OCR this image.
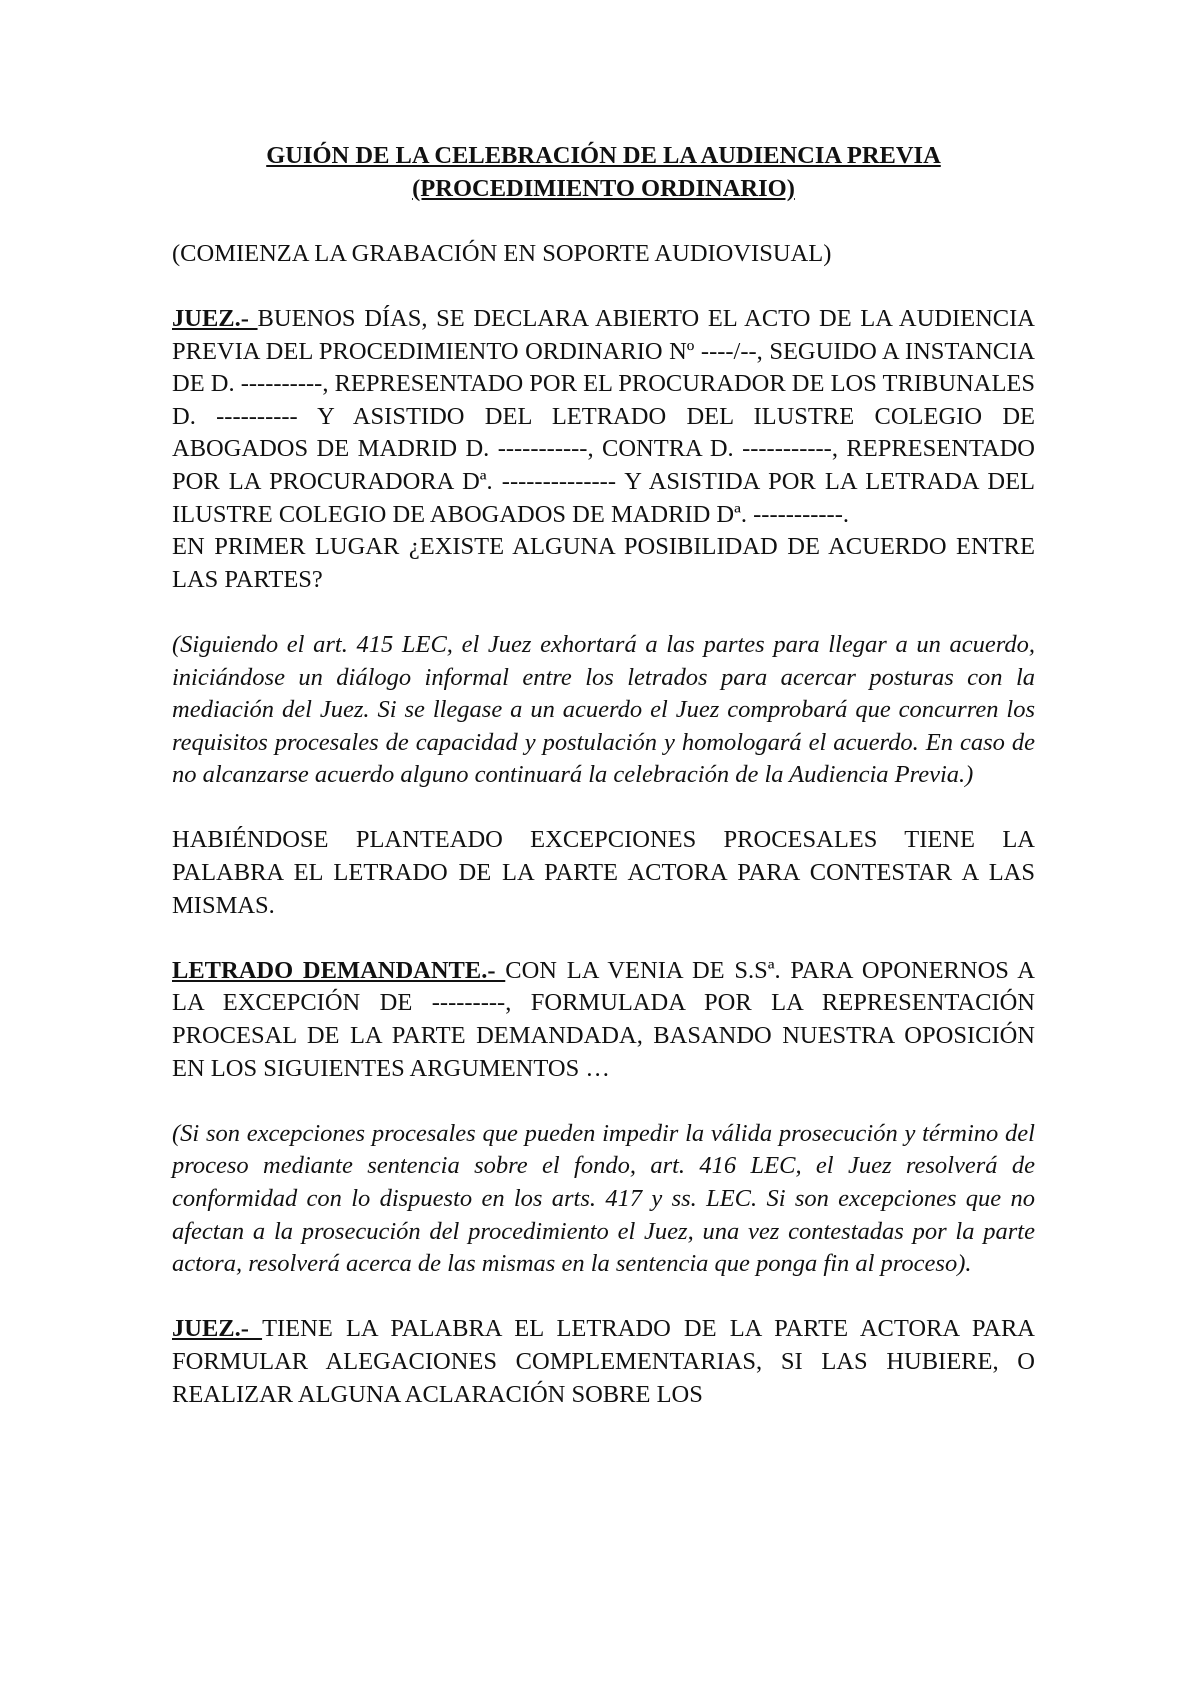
GUIÓN DE LA CELEBRACIÓN DE LA AUDIENCIA PREVIA

(PROCEDIMIENTO ORDINARIO)

(COMIENZA LA GRABACIÓN EN SOPORTE AUDIOVISUAL)

JUEZ.- BUENOS DÍAS, SE DECLARA ABIERTO EL ACTO DE LA AUDIENCIA PREVIA DEL PROCEDIMIENTO ORDINARIO Nº ----/--, SEGUIDO A INSTANCIA DE D. ----------, REPRESENTADO POR EL PROCURADOR DE LOS TRIBUNALES D. ---------- Y ASISTIDO DEL LETRADO DEL ILUSTRE COLEGIO DE ABOGADOS DE MADRID D. -----------, CONTRA D. -----------, REPRESENTADO POR LA PROCURADORA Dª. -------------- Y ASISTIDA POR LA LETRADA DEL ILUSTRE COLEGIO DE ABOGADOS DE MADRID Dª. -----------.

EN PRIMER LUGAR ¿EXISTE ALGUNA POSIBILIDAD DE ACUERDO ENTRE LAS PARTES?

(Siguiendo el art. 415 LEC, el Juez exhortará a las partes para llegar a un acuerdo, iniciándose un diálogo informal entre los letrados para acercar posturas con la mediación del Juez. Si se llegase a un acuerdo el Juez comprobará que concurren los requisitos procesales de capacidad y postulación y homologará el acuerdo. En caso de no alcanzarse acuerdo alguno continuará la celebración de la Audiencia Previa.)

HABIÉNDOSE PLANTEADO EXCEPCIONES PROCESALES TIENE LA PALABRA EL LETRADO DE LA PARTE ACTORA PARA CONTESTAR A LAS MISMAS.

LETRADO DEMANDANTE.- CON LA VENIA DE S.Sª. PARA OPONERNOS A LA EXCEPCIÓN DE ---------, FORMULADA POR LA REPRESENTACIÓN PROCESAL DE LA PARTE DEMANDADA, BASANDO NUESTRA OPOSICIÓN EN LOS SIGUIENTES ARGUMENTOS …

(Si son excepciones procesales que pueden impedir la válida prosecución y término del proceso mediante sentencia sobre el fondo, art. 416 LEC, el Juez resolverá de conformidad con lo dispuesto en los arts. 417 y ss. LEC. Si son excepciones que no afectan a la prosecución del procedimiento el Juez, una vez contestadas por la parte actora, resolverá acerca de las mismas en la sentencia que ponga fin al proceso).

JUEZ.- TIENE LA PALABRA EL LETRADO DE LA PARTE ACTORA PARA FORMULAR ALEGACIONES COMPLEMENTARIAS, SI LAS HUBIERE, O REALIZAR ALGUNA ACLARACIÓN SOBRE LOS
